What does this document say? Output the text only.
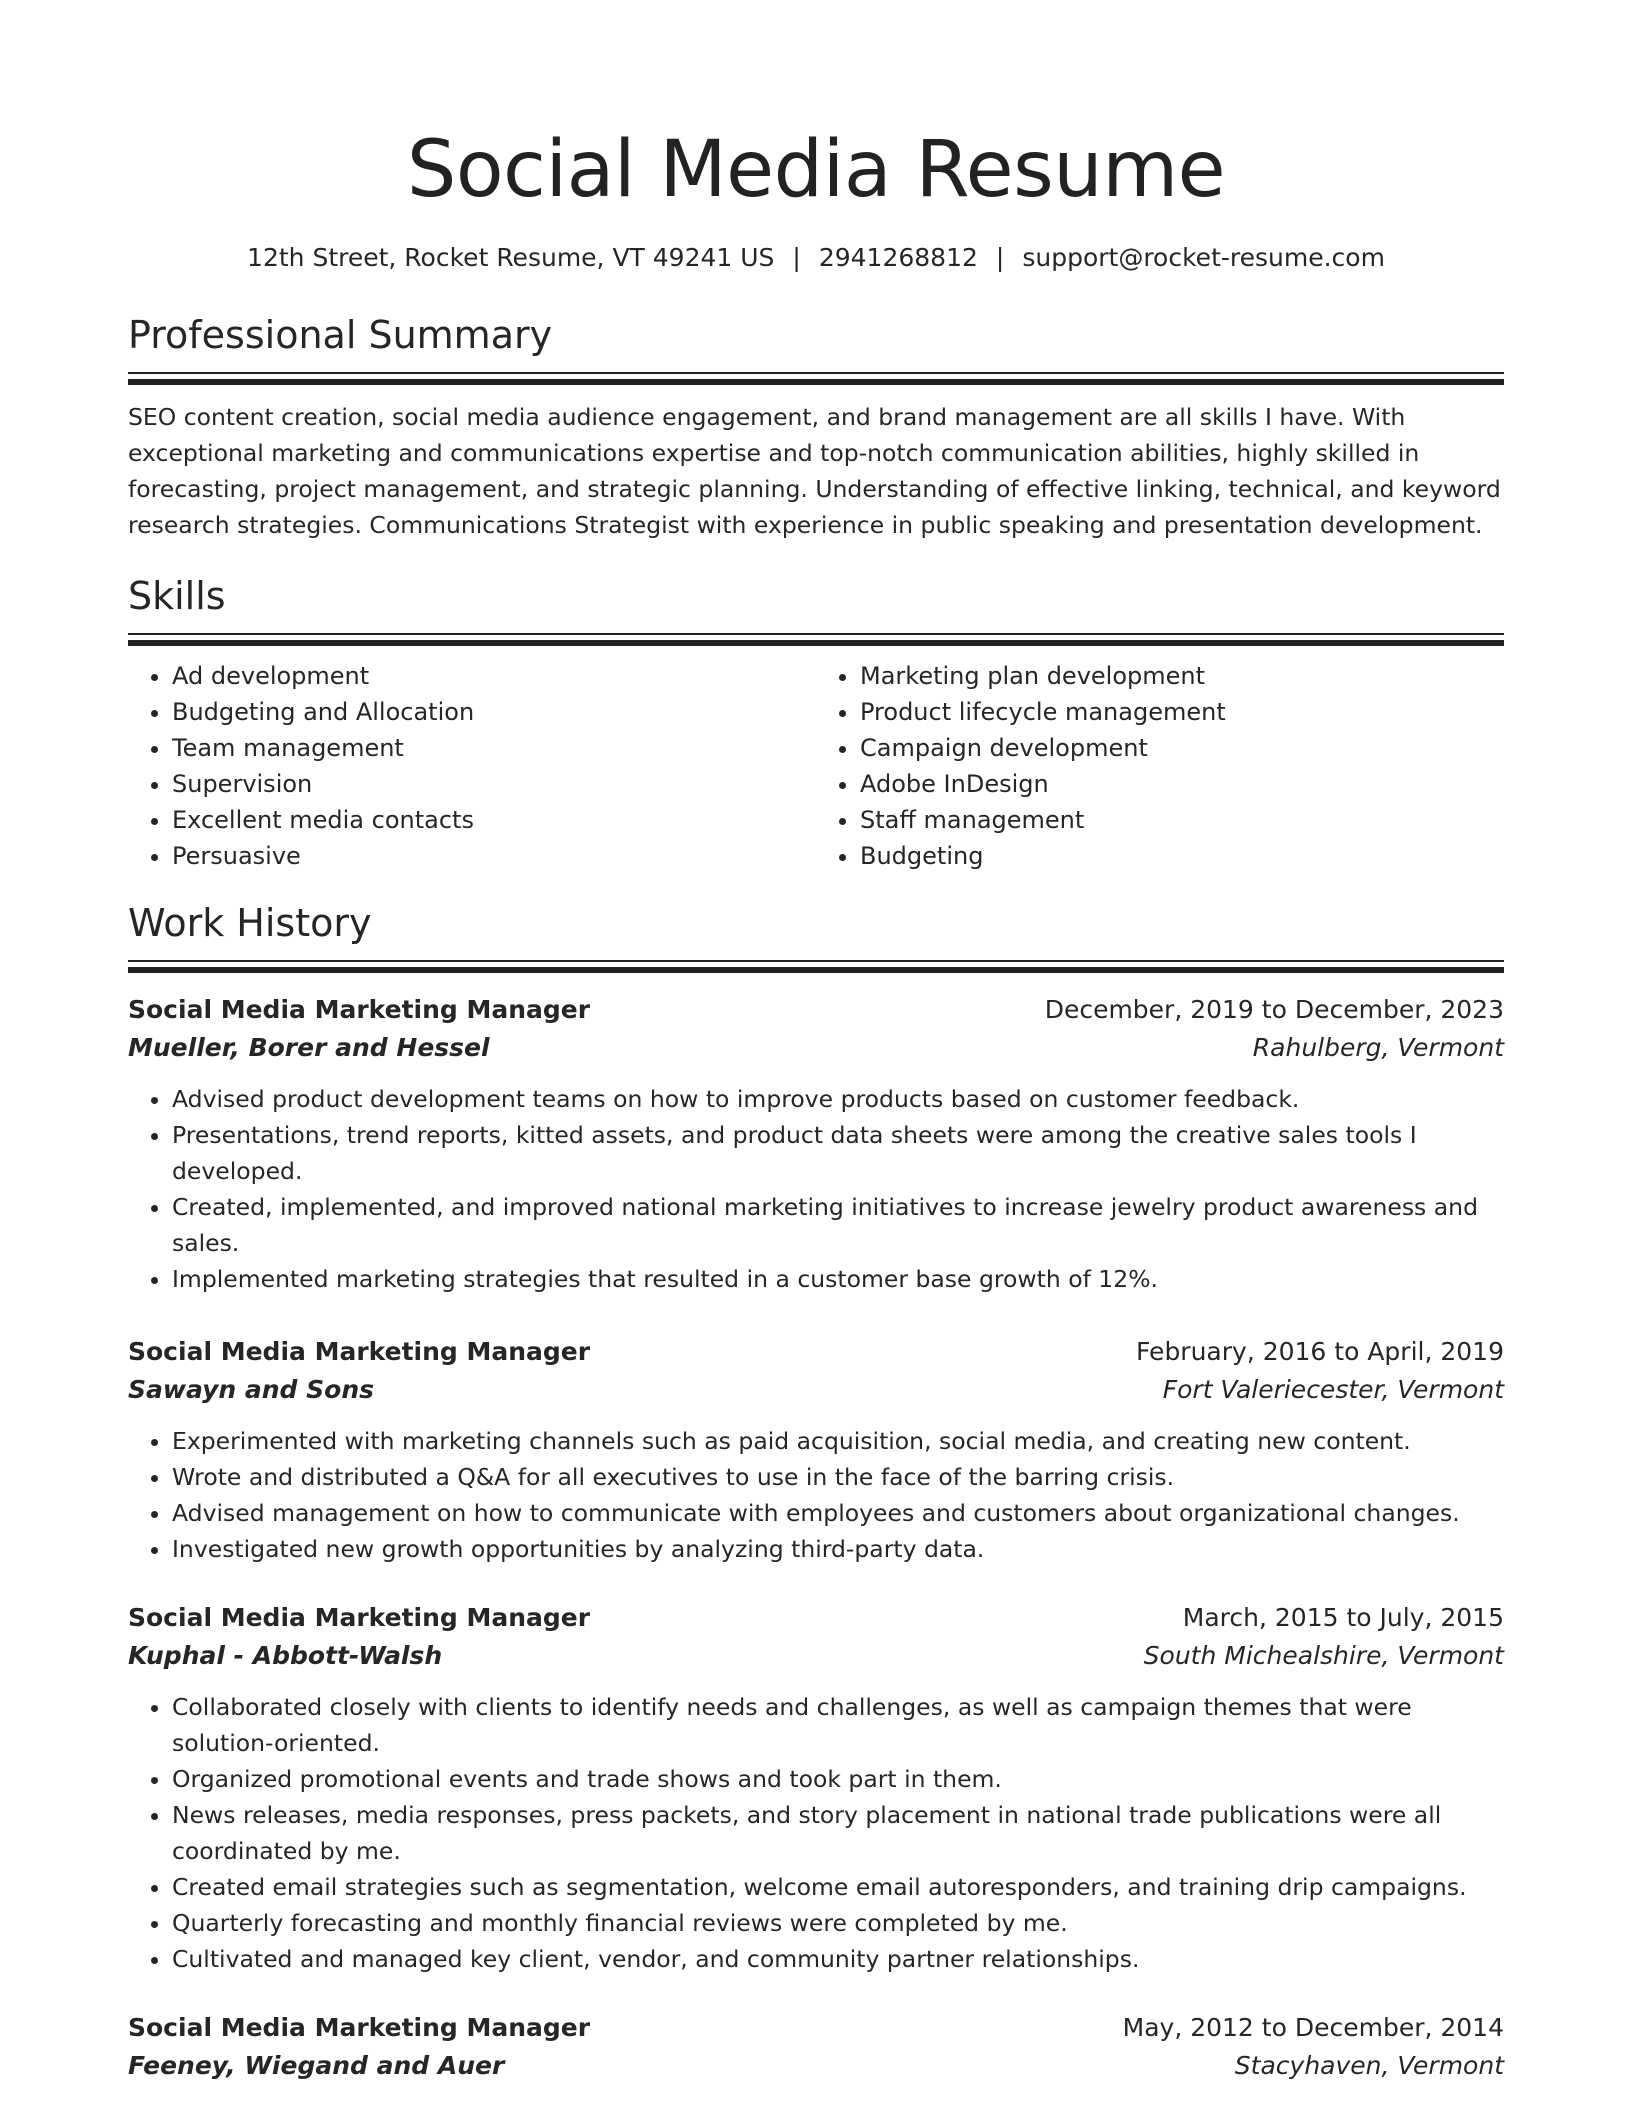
Social Media Resume
12th Street, Rocket Resume, VT 49241 US | 2941268812 | support@rocket-resume.com
Professional Summary
SEO content creation, social media audience engagement, and brand management are all skills I have. With exceptional marketing and communications expertise and top-notch communication abilities, highly skilled in forecasting, project management, and strategic planning. Understanding of effective linking, technical, and keyword research strategies. Communications Strategist with experience in public speaking and presentation development.
Skills
• Ad development
• Budgeting and Allocation
• Team management
• Supervision
• Excellent media contacts
• Persuasive
• Marketing plan development
• Product lifecycle management
• Campaign development
• Adobe InDesign
• Staff management
• Budgeting
Work History
Social Media Marketing Manager	December, 2019 to December, 2023
Mueller, Borer and Hessel	Rahulberg, Vermont
• Advised product development teams on how to improve products based on customer feedback.
• Presentations, trend reports, kitted assets, and product data sheets were among the creative sales tools I developed.
• Created, implemented, and improved national marketing initiatives to increase jewelry product awareness and sales.
• Implemented marketing strategies that resulted in a customer base growth of 12%.
Social Media Marketing Manager	February, 2016 to April, 2019
Sawayn and Sons	Fort Valeriecester, Vermont
• Experimented with marketing channels such as paid acquisition, social media, and creating new content.
• Wrote and distributed a Q&A for all executives to use in the face of the barring crisis.
• Advised management on how to communicate with employees and customers about organizational changes.
• Investigated new growth opportunities by analyzing third-party data.
Social Media Marketing Manager	March, 2015 to July, 2015
Kuphal - Abbott-Walsh	South Michealshire, Vermont
• Collaborated closely with clients to identify needs and challenges, as well as campaign themes that were solution-oriented.
• Organized promotional events and trade shows and took part in them.
• News releases, media responses, press packets, and story placement in national trade publications were all coordinated by me.
• Created email strategies such as segmentation, welcome email autoresponders, and training drip campaigns.
• Quarterly forecasting and monthly financial reviews were completed by me.
• Cultivated and managed key client, vendor, and community partner relationships.
Social Media Marketing Manager	May, 2012 to December, 2014
Feeney, Wiegand and Auer	Stacyhaven, Vermont
